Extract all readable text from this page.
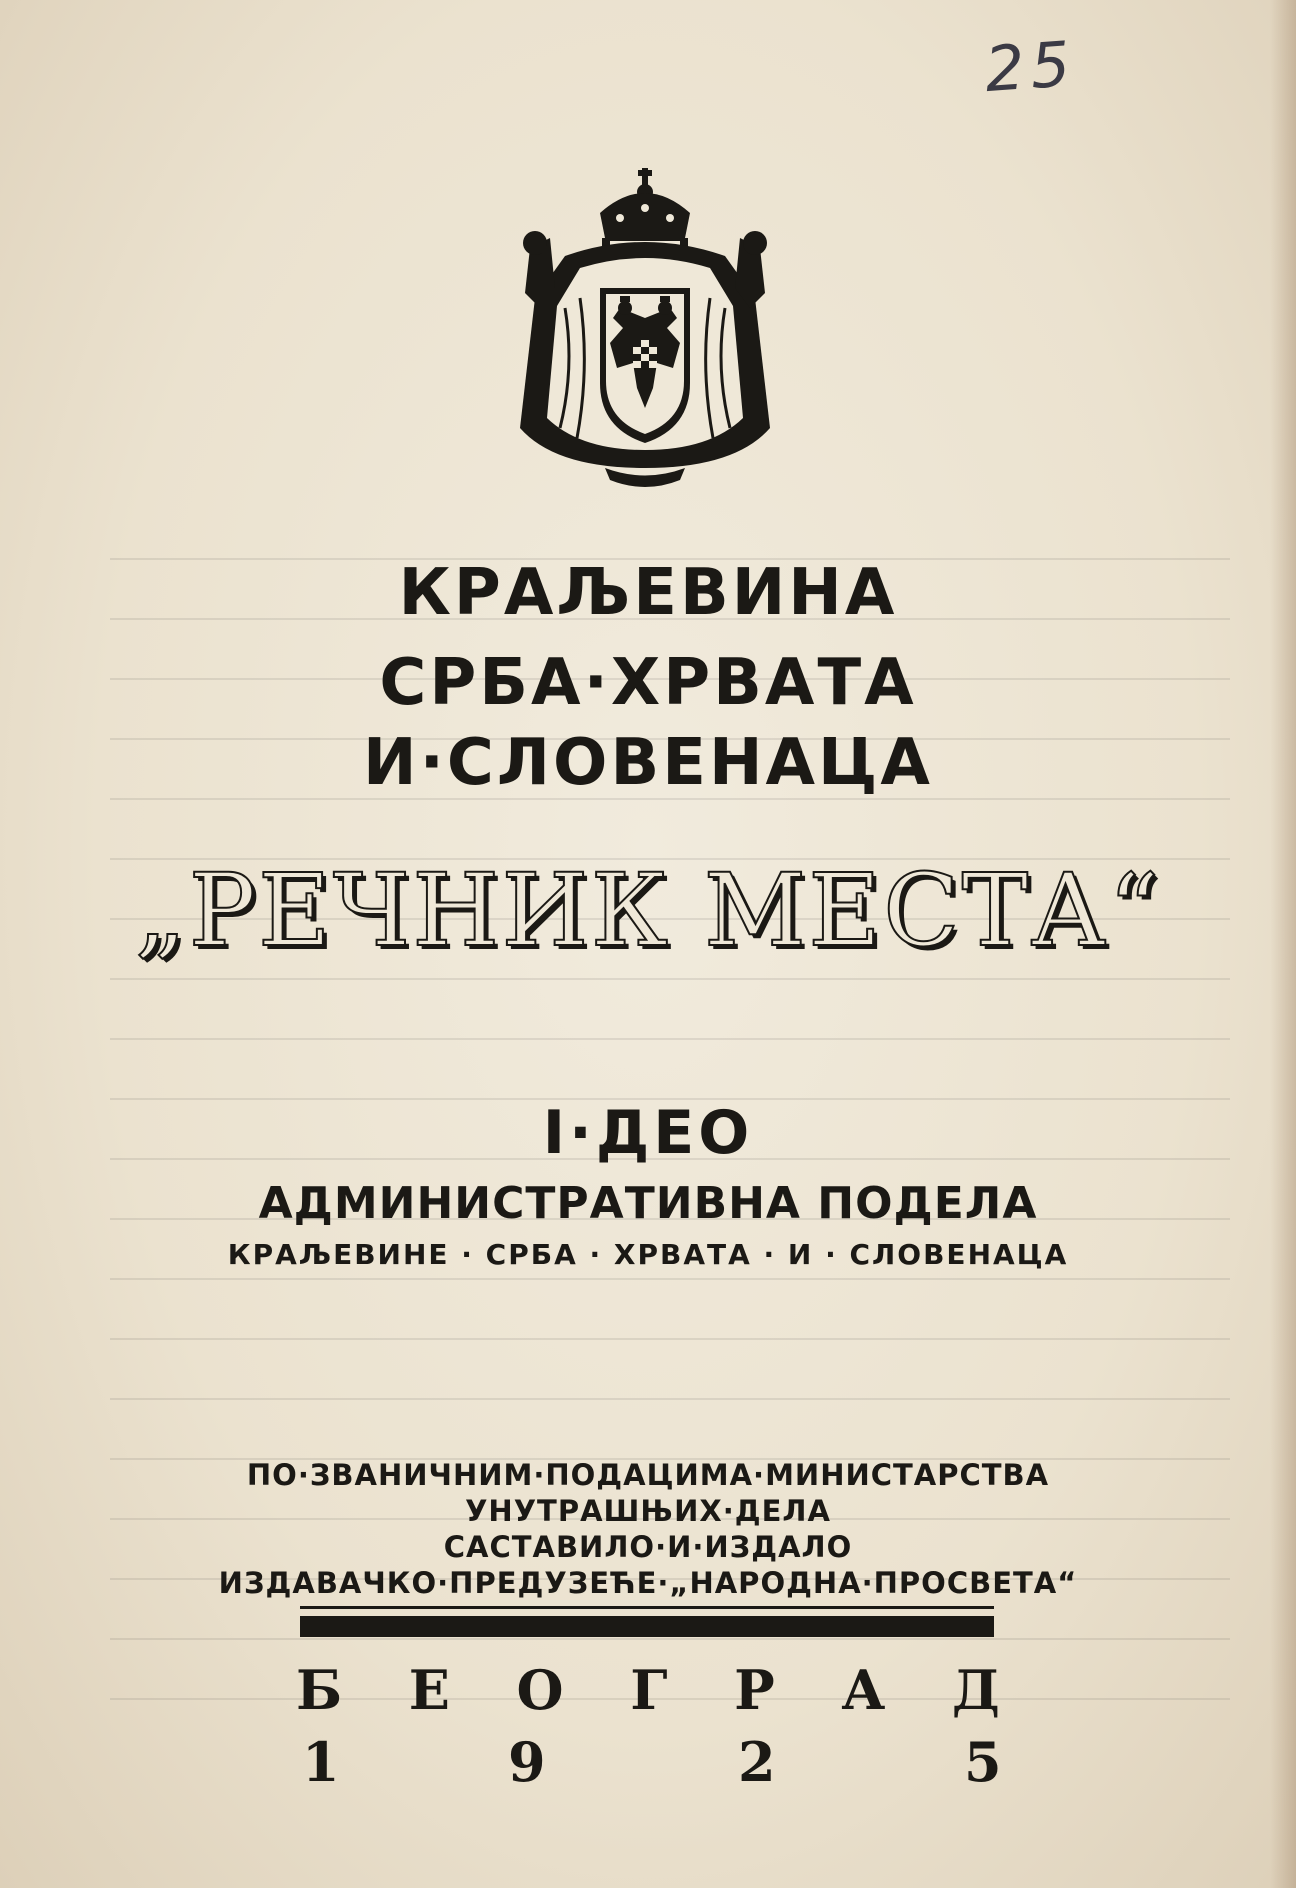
25
КРАЉЕВИНА
СРБА·ХРВАТА
И·СЛОВЕНАЦА
„РЕЧНИК МЕСТА“
I·ДЕО
АДМИНИСТРАТИВНА ПОДЕЛА
КРАЉЕВИНЕ · СРБА · ХРВАТА · И · СЛОВЕНАЦА
ПО·ЗВАНИЧНИМ·ПОДАЦИМА·МИНИСТАРСТВА
УНУТРАШЊИХ·ДЕЛА
САСТАВИЛО·И·ИЗДАЛО
ИЗДАВАЧКО·ПРЕДУЗЕЋЕ·„НАРОДНА·ПРОСВЕТА“
Б Е О Г Р А Д
1	9	2	5
